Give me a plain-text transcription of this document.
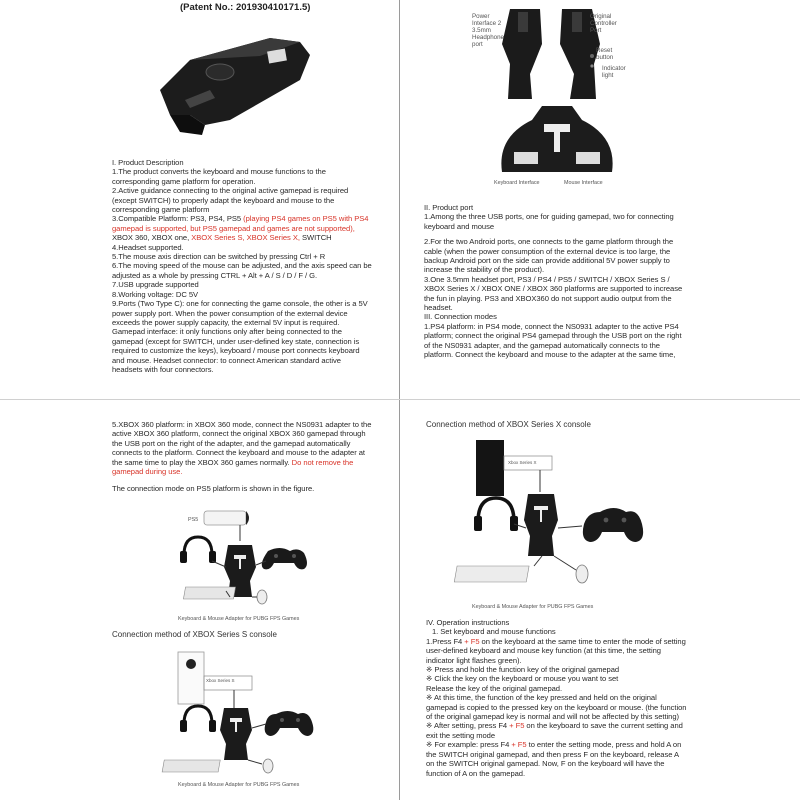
(Patent No.: 201930410171.5)

I. Product Description

1.The product converts the keyboard and mouse functions to the corresponding game platform for operation.

2.Active guidance connecting to the original active gamepad is required (except SWITCH) to properly adapt the keyboard and mouse to the corresponding game platform

3.Compatible Platform: PS3, PS4, PS5 (playing PS4 games on PS5 with PS4 gamepad is supported, but PS5 gamepad and games are not supported), XBOX 360, XBOX one, XBOX Series S, XBOX Series X, SWITCH

4.Headset supported.

5.The mouse axis direction can be switched by pressing Ctrl + R

6.The moving speed of the mouse can be adjusted, and the axis speed can be adjusted as a whole by pressing CTRL + Alt + A / S / D / F / G.

7.USB upgrade supported

8.Working voltage: DC 5V

9.Ports (Two Type C): one for connecting the game console, the other is a 5V power supply port. When the power consumption of the external device exceeds the power supply capacity, the external 5V input is required. Gamepad interface: it only functions only after being connected to the gamepad (except for SWITCH, under user-defined key state, connection is required to customize the keys), keyboard / mouse port connects keyboard and mouse. Headset connector: to connect American standard active headsets with four connectors.

Power Interface 2
3.5mm Headphone port
Original Controller Port
Reset button
Indicator light
Keyboard Interface	Mouse Interface

II. Product port

1.Among the three USB ports, one for guiding gamepad, two for connecting keyboard and mouse

2.For the two Android ports, one connects to the game platform through the cable (when the power consumption of the external device is too large, the backup Android port on the side can provide additional 5V power supply to increase the stability of the product).

3.One 3.5mm headset port, PS3 / PS4 / PS5 / SWITCH / XBOX Series S / XBOX Series X / XBOX ONE / XBOX 360 platforms are supported to increase the fun in playing. PS3 and XBOX360 do not support audio output from the headset.

III. Connection modes

1.PS4 platform: in PS4 mode, connect the NS0931 adapter to the active PS4 platform; connect the original PS4 gamepad through the USB port on the right of the NS0931 adapter, and the gamepad automatically connects to the platform. Connect the keyboard and mouse to the adapter at the same time,

5.XBOX 360 platform: in XBOX 360 mode, connect the NS0931 adapter to the active XBOX 360 platform, connect the original XBOX 360 gamepad through the USB port on the right of the adapter, and the gamepad automatically connects to the platform. Connect the keyboard and mouse to the adapter at the same time to play the XBOX 360 games normally. Do not remove the gamepad during use.

The connection mode on PS5 platform is shown in the figure.

PS5
Keyboard & Mouse Adapter for PUBG FPS Games
Connection method of XBOX Series S console
Xbox Series S
Keyboard & Mouse Adapter for PUBG FPS Games
Connection method of XBOX Series X console
Xbox Series X
Keyboard & Mouse Adapter for PUBG FPS Games

IV. Operation instructions

1. Set keyboard and mouse functions

1.Press F4 + F5 on the keyboard at the same time to enter the mode of setting user-defined keyboard and mouse key function (at this time, the setting indicator light flashes green).

※ Press and hold the function key of the original gamepad

※ Click the key on the keyboard or mouse you want to set

Release the key of the original gamepad.

※ At this time, the function of the key pressed and held on the original gamepad is copied to the pressed key on the keyboard or mouse. (the function of the original gamepad key is normal and will not be affected by this setting)

※ After setting, press F4 + F5 on the keyboard to save the current setting and exit the setting mode

※ For example: press F4 + F5 to enter the setting mode, press and hold A on the SWITCH original gamepad, and then press F on the keyboard, release A on the SWITCH original gamepad. Now, F on the keyboard will have the function of A on the gamepad.
